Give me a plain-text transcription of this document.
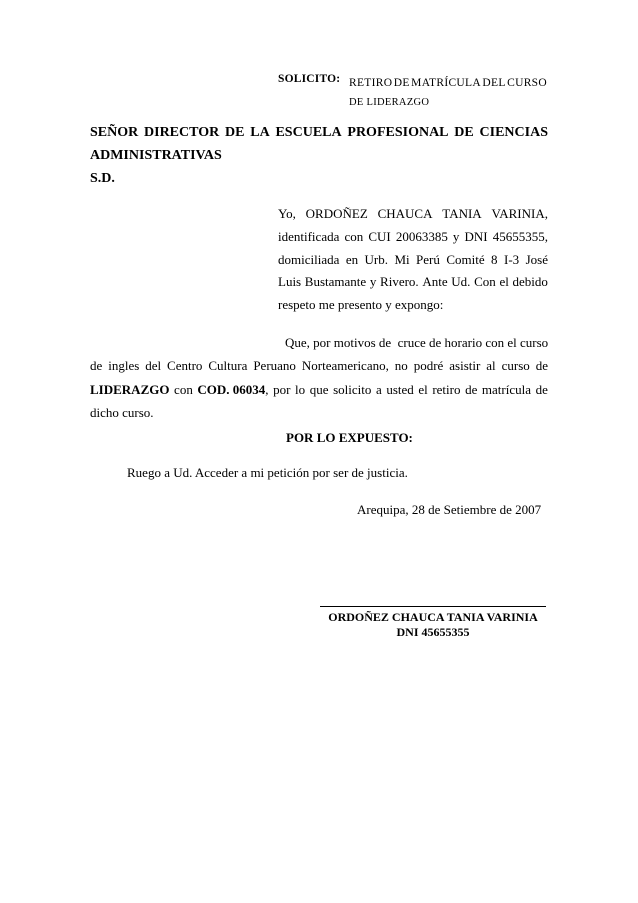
SOLICITO: RETIRO DE MATRÍCULA DEL CURSO
DE LIDERAZGO
SEÑOR DIRECTOR DE LA ESCUELA PROFESIONAL DE CIENCIAS
ADMINISTRATIVAS
S.D.
Yo, ORDOÑEZ CHAUCA TANIA VARINIA,
identificada con CUI 20063385 y DNI 45655355,
domiciliada en Urb. Mi Perú Comité 8 I-3 José
Luis Bustamante y Rivero. Ante Ud. Con el debido
respeto me presento y expongo:
Que, por motivos de  cruce de horario con el curso
de ingles del Centro Cultura Peruano Norteamericano, no podré asistir al curso de
LIDERAZGO con COD. 06034, por lo que solicito a usted el retiro de matrícula de
dicho curso.

POR LO EXPUESTO:

Ruego a Ud. Acceder a mi petición por ser de justicia.

Arequipa, 28 de Setiembre de 2007

ORDOÑEZ CHAUCA TANIA VARINIA

DNI 45655355
